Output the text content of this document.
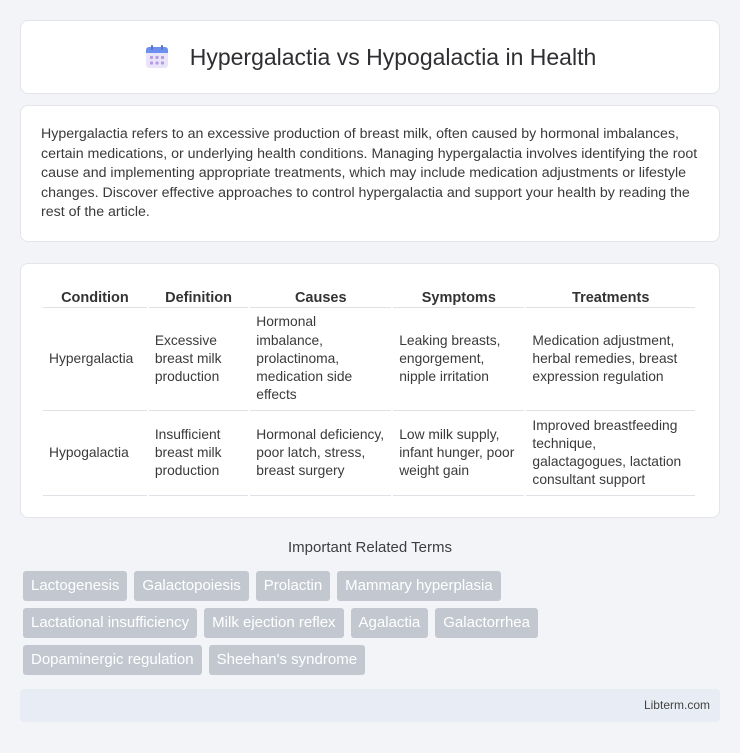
Hypergalactia vs Hypogalactia in Health

Hypergalactia refers to an excessive production of breast milk, often caused by hormonal imbalances, certain medications, or underlying health conditions. Managing hypergalactia involves identifying the root cause and implementing appropriate treatments, which may include medication adjustments or lifestyle changes. Discover effective approaches to control hypergalactia and support your health by reading the rest of the article.

Condition	Definition	Causes	Symptoms	Treatments
Hypergalactia	Excessive breast milk production	Hormonal imbalance, prolactinoma, medication side effects	Leaking breasts, engorgement, nipple irritation	Medication adjustment, herbal remedies, breast expression regulation
Hypogalactia	Insufficient breast milk production	Hormonal deficiency, poor latch, stress, breast surgery	Low milk supply, infant hunger, poor weight gain	Improved breastfeeding technique, galactagogues, lactation consultant support
Important Related Terms
Lactogenesis	Galactopoiesis	Prolactin	Mammary hyperplasia
Lactational insufficiency	Milk ejection reflex	Agalactia	Galactorrhea
Dopaminergic regulation	Sheehan's syndrome
Libterm.com
